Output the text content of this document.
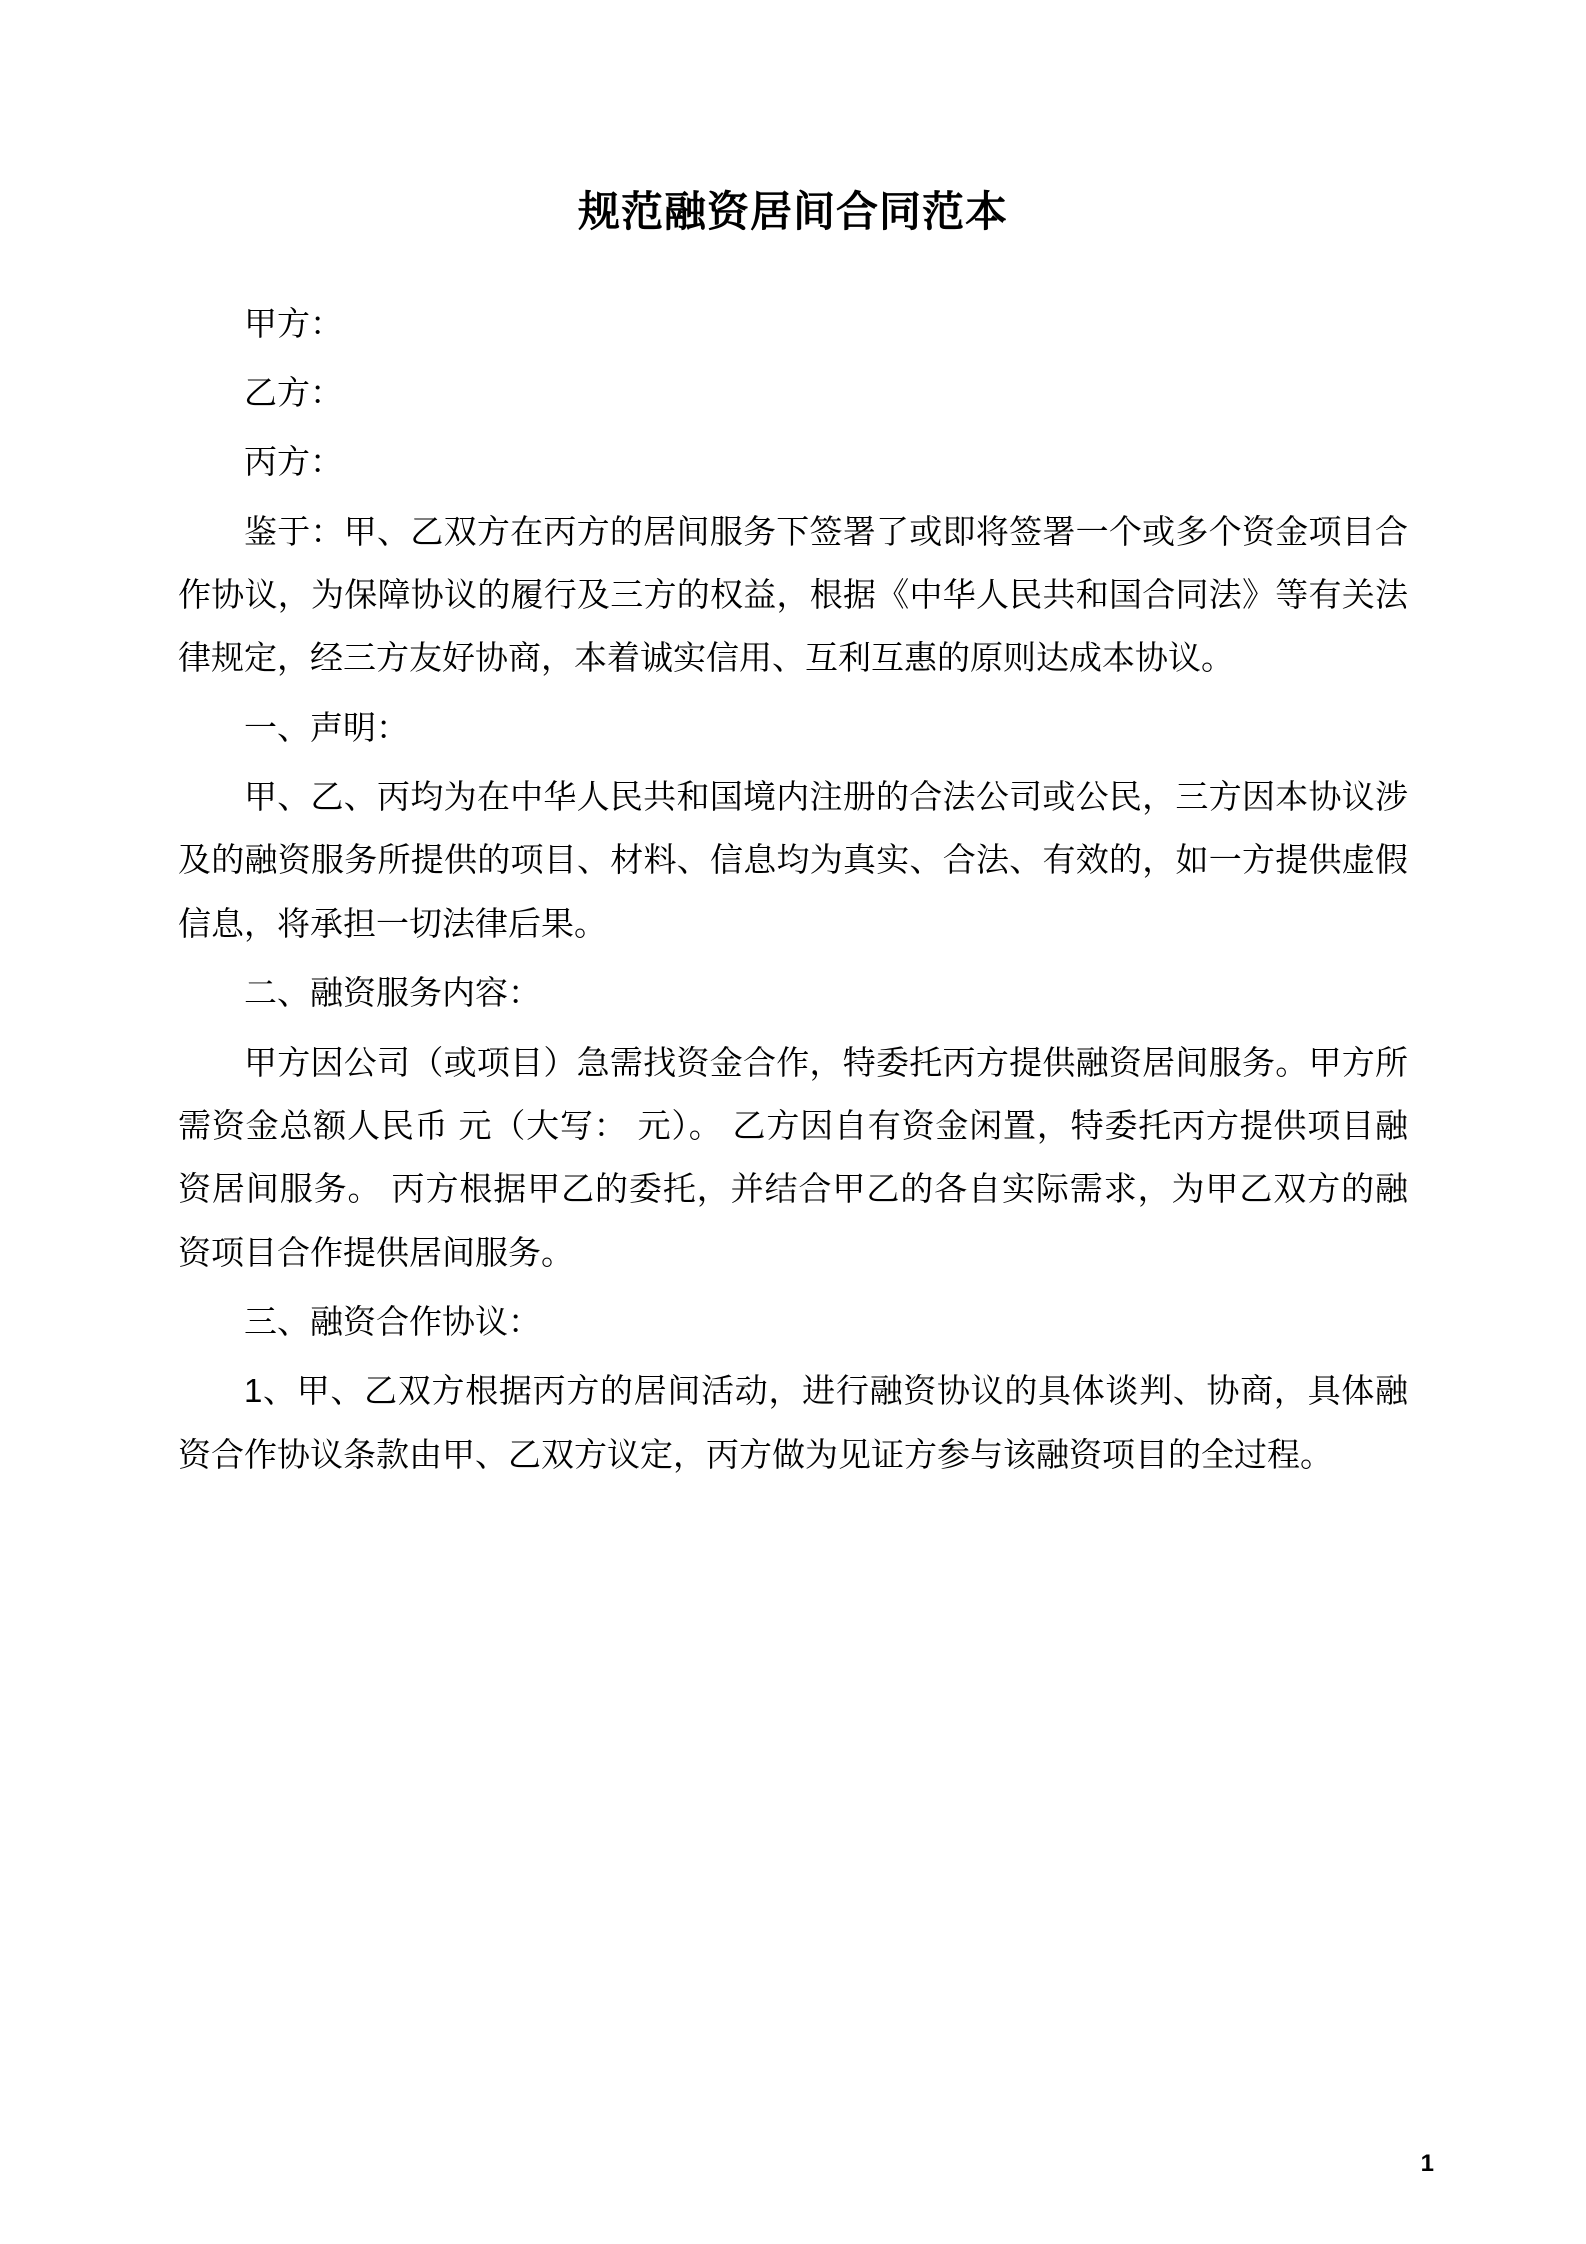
规范融资居间合同范本

甲方：

乙方：

丙方：

鉴于：甲、乙双方在丙方的居间服务下签署了或即将签署一个或多个资金项目合作协议，为保障协议的履行及三方的权益，根据《中华人民共和国合同法》等有关法律规定，经三方友好协商，本着诚实信用、互利互惠的原则达成本协议。

一、声明：

甲、乙、丙均为在中华人民共和国境内注册的合法公司或公民，三方因本协议涉及的融资服务所提供的项目、材料、信息均为真实、合法、有效的，如一方提供虚假信息，将承担一切法律后果。

二、融资服务内容：

甲方因公司（或项目）急需找资金合作，特委托丙方提供融资居间服务。甲方所需资金总额人民币 元（大写： 元）。 乙方因自有资金闲置，特委托丙方提供项目融资居间服务。 丙方根据甲乙的委托，并结合甲乙的各自实际需求，为甲乙双方的融资项目合作提供居间服务。

三、融资合作协议：

1、甲、乙双方根据丙方的居间活动，进行融资协议的具体谈判、协商，具体融资合作协议条款由甲、乙双方议定，丙方做为见证方参与该融资项目的全过程。

1
